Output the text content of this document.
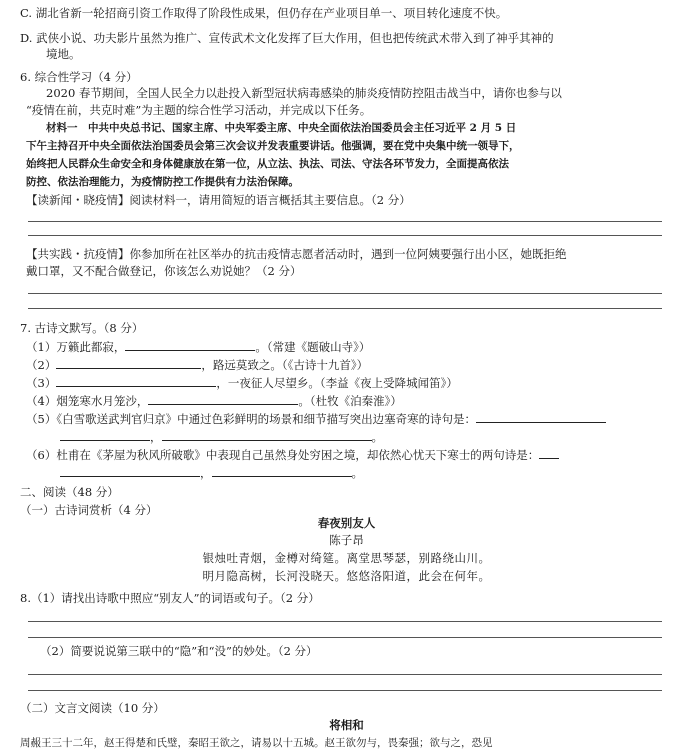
C. 湖北省新一轮招商引资工作取得了阶段性成果，但仍存在产业项目单一、项目转化速度不快。
D. 武侠小说、功夫影片虽然为推广、宣传武术文化发挥了巨大作用，但也把传统武术带入到了神乎其神的
境地。
6. 综合性学习（4 分）
2020 春节期间，全国人民全力以赴投入新型冠状病毒感染的肺炎疫情防控阻击战当中，请你也参与以
“疫情在前，共克时难”为主题的综合性学习活动，并完成以下任务。
材料一　中共中央总书记、国家主席、中央军委主席、中央全面依法治国委员会主任习近平 2 月 5 日
下午主持召开中央全面依法治国委员会第三次会议并发表重要讲话。他强调，要在党中央集中统一领导下，
始终把人民群众生命安全和身体健康放在第一位，从立法、执法、司法、守法各环节发力，全面提高依法
防控、依法治理能力，为疫情防控工作提供有力法治保障。
【读新闻・晓疫情】阅读材料一，请用简短的语言概括其主要信息。（2 分）
【共实践・抗疫情】你参加所在社区举办的抗击疫情志愿者活动时，遇到一位阿姨要强行出小区，她既拒绝
戴口罩，又不配合做登记，你该怎么劝说她？（2 分）
7. 古诗文默写。（8 分）
（1）万籁此都寂，	。（常建《题破山寺》）
（2）	，路远莫致之。（《古诗十九首》）
（3）	，一夜征人尽望乡。（李益《夜上受降城闻笛》）
（4）烟笼寒水月笼沙，	。（杜牧《泊秦淮》）
（5）《白雪歌送武判官归京》中通过色彩鲜明的场景和细节描写突出边塞奇寒的诗句是：
，	。
（6）杜甫在《茅屋为秋风所破歌》中表现自己虽然身处穷困之境，却依然心忧天下寒士的两句诗是：
，	。
二、阅读（48 分）
（一）古诗词赏析（4 分）
春夜别友人
陈子昂
银烛吐青烟，金樽对绮筵。离堂思琴瑟，别路绕山川。
明月隐高树，长河没晓天。悠悠洛阳道，此会在何年。
8.（1）请找出诗歌中照应“别友人”的词语或句子。（2 分）
（2）简要说说第三联中的“隐”和“没”的妙处。（2 分）
（二）文言文阅读（10 分）
将相和
周赧王三十二年，赵王得楚和氏璧，秦昭王欲之，请易以十五城。赵王欲勿与，畏秦强；欲与之，恐见
